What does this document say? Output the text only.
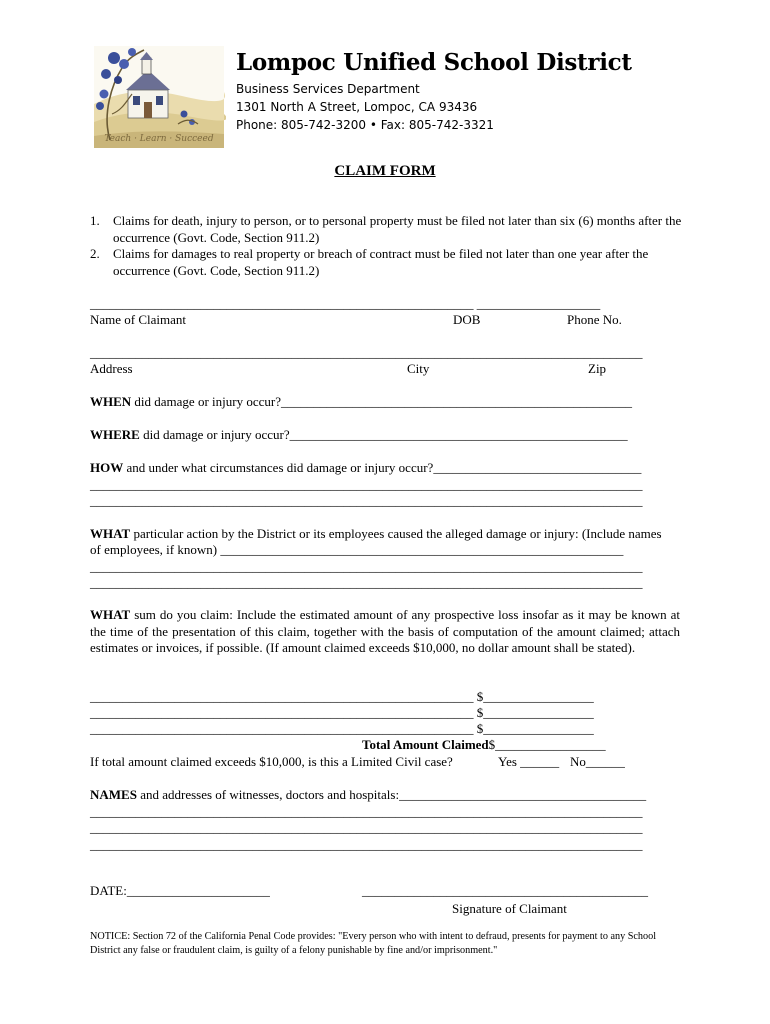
Teach · Learn · Succeed
Lompoc Unified School District
Business Services Department
1301 North A Street, Lompoc, CA 93436
Phone: 805-742-3200 • Fax: 805-742-3321
CLAIM FORM
1.	Claims for death, injury to person, or to personal property must be filed not later than six (6) months after the occurrence (Govt. Code, Section 911.2)
2.	Claims for damages to real property or breach of contract must be filed not later than one year after the occurrence (Govt. Code, Section 911.2)
___________________________________________________________ ___________________
Name of Claimant	DOB	Phone No.
_____________________________________________________________________________________
Address	City	Zip
WHEN did damage or injury occur?______________________________________________________
WHERE did damage or injury occur?____________________________________________________
HOW and under what circumstances did damage or injury occur?________________________________
_____________________________________________________________________________________
_____________________________________________________________________________________
WHAT particular action by the District or its employees caused the alleged damage or injury: (Include names
of employees, if known) ______________________________________________________________
_____________________________________________________________________________________
_____________________________________________________________________________________
WHAT sum do you claim: Include the estimated amount of any prospective loss insofar as it may be known at the time of the presentation of this claim, together with the basis of computation of the amount claimed; attach estimates or invoices, if possible. (If amount claimed exceeds $10,000, no dollar amount shall be stated).
___________________________________________________________ $_________________
___________________________________________________________ $_________________
___________________________________________________________ $_________________
Total Amount Claimed$_________________
If total amount claimed exceeds $10,000, is this a Limited Civil case?	Yes ______ No______
NAMES and addresses of witnesses, doctors and hospitals:______________________________________
_____________________________________________________________________________________
_____________________________________________________________________________________
_____________________________________________________________________________________
DATE:______________________	____________________________________________
Signature of Claimant
NOTICE: Section 72 of the California Penal Code provides: "Every person who with intent to defraud, presents for payment to any School District any false or fraudulent claim, is guilty of a felony punishable by fine and/or imprisonment."
